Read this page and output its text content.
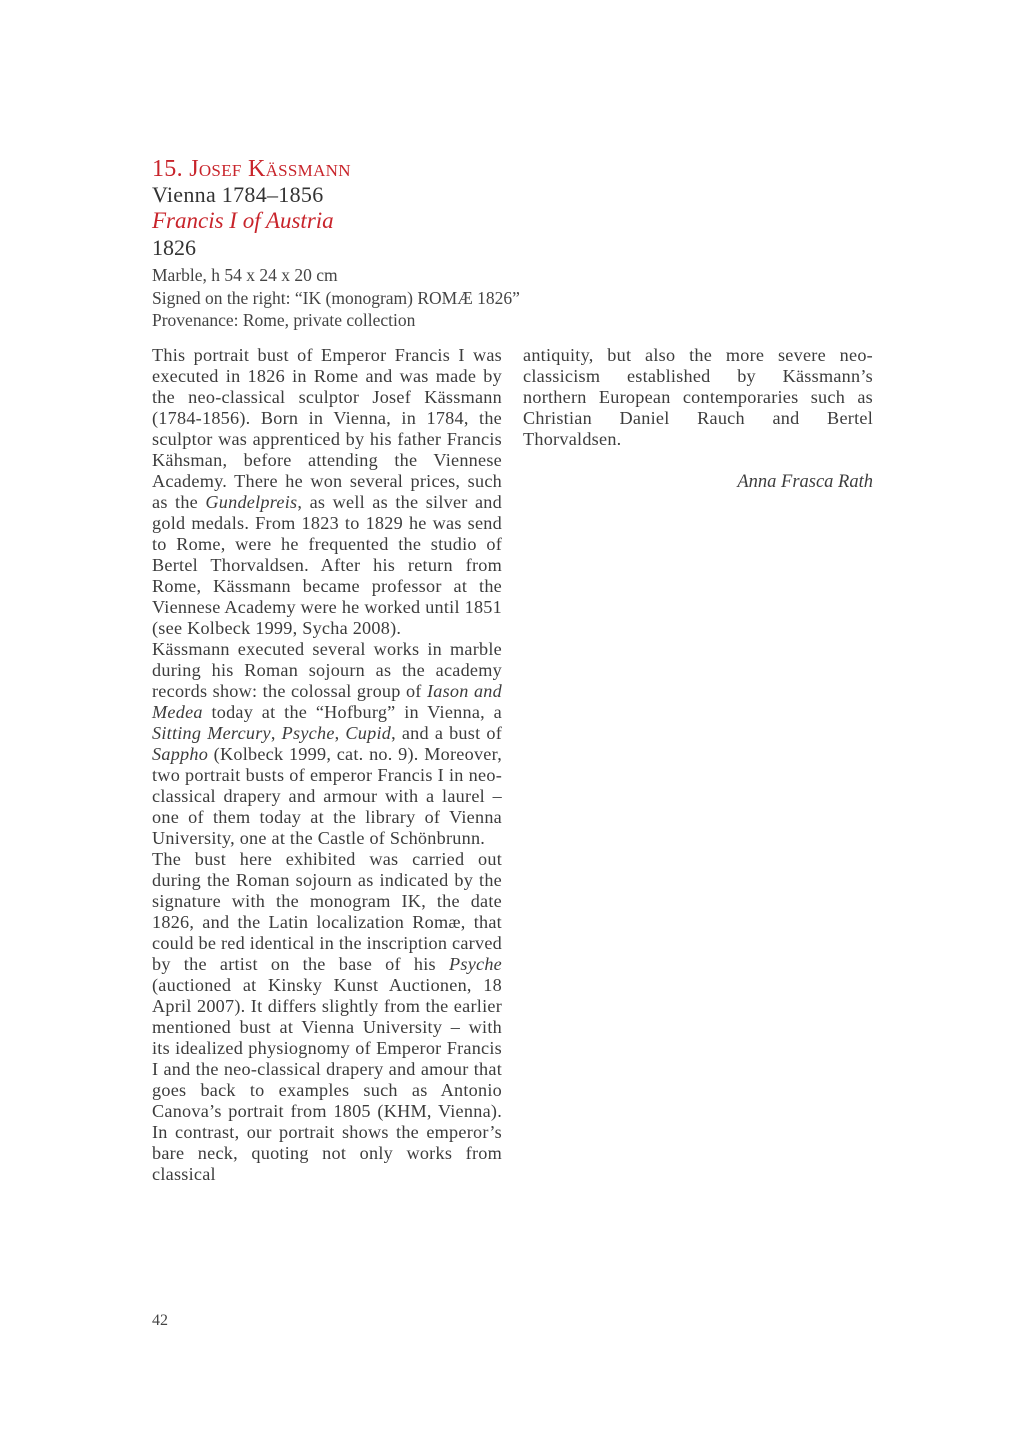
15. Josef Kässmann
Vienna 1784–1856
Francis I of Austria
1826
Marble, h 54 x 24 x 20 cm
Signed on the right: “IK (monogram) ROMÆ 1826”
Provenance: Rome, private collection

This portrait bust of Emperor Francis I was executed in 1826 in Rome and was made by the neo-classical sculptor Josef Kässmann (1784-1856). Born in Vienna, in 1784, the sculptor was apprenticed by his father Francis Kähsman, before attending the Viennese Academy. There he won several prices, such as the Gundelpreis, as well as the silver and gold medals. From 1823 to 1829 he was send to Rome, were he frequented the studio of Bertel Thorvaldsen. After his return from Rome, Kässmann became professor at the Viennese Academy were he worked until 1851 (see Kolbeck 1999, Sycha 2008).

Kässmann executed several works in marble during his Roman sojourn as the academy records show: the colossal group of Iason and Medea today at the “Hofburg” in Vienna, a Sitting Mercury, Psyche, Cupid, and a bust of Sappho (Kolbeck 1999, cat. no. 9). Moreover, two portrait busts of emperor Francis I in neo-classical drapery and armour with a laurel – one of them today at the library of Vienna University, one at the Castle of Schönbrunn.

The bust here exhibited was carried out during the Roman sojourn as indicated by the signature with the monogram IK, the date 1826, and the Latin localization Romæ, that could be red identical in the inscription carved by the artist on the base of his Psyche (auctioned at Kinsky Kunst Auctionen, 18 April 2007). It differs slightly from the earlier mentioned bust at Vienna University – with its idealized physiognomy of Emperor Francis I and the neo-classical drapery and amour that goes back to examples such as Antonio Canova’s portrait from 1805 (KHM, Vienna). In contrast, our portrait shows the emperor’s bare neck, quoting not only works from classical

antiquity, but also the more severe neo-classicism established by Kässmann’s northern European contemporaries such as Christian Daniel Rauch and Bertel Thorvaldsen.

Anna Frasca Rath
42
